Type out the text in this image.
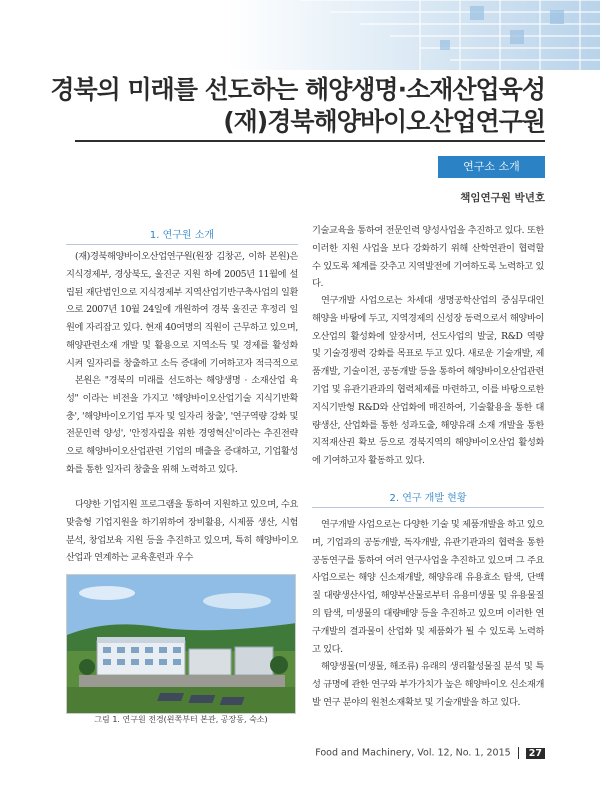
경북의 미래를 선도하는 해양생명·소재산업육성
(재)경북해양바이오산업연구원
연구소 소개
책임연구원 박년호
1. 연구원 소개

(재)경북해양바이오산업연구원(원장 김창곤, 이하 본원)은 지식경제부, 경상북도, 울진군 지원 하에 2005년 11월에 설립된 재단법인으로 지식경제부 지역산업기반구축사업의 일환으로 2007년 10월 24일에 개원하여 경북 울진군 후정리 일원에 자리잡고 있다. 현재 40여명의 직원이 근무하고 있으며, 해양관련소재 개발 및 활용으로 지역소득 및 경제를 활성화 시켜 일자리를 창출하고 소득 증대에 기여하고자 적극적으로

본원은 "경북의 미래를 선도하는 해양생명 · 소재산업 육성" 이라는 비전을 가지고 '해양바이오산업기술 지식기반확충', '해양바이오기업 투자 및 일자리 창출', '연구역량 강화 및 전문인력 양성', '안정자립을 위한 경영혁신'이라는 추진전략으로 해양바이오산업관련 기업의 매출을 증대하고, 기업활성화를 통한 일자리 창출을 위해 노력하고 있다.

다양한 기업지원 프로그램을 통하여 지원하고 있으며, 수요맞춤형 기업지원을 하기위하여 장비활용, 시제품 생산, 시험분석, 창업보육 지원 등을 추진하고 있으며, 특히 해양바이오산업과 연계하는 교육훈련과 우수

그림 1. 연구원 전경(왼쪽부터 본관, 공장동, 숙소)

기술교육을 통하여 전문인력 양성사업을 추진하고 있다. 또한 이러한 지원 사업을 보다 강화하기 위해 산학연관이 협력할 수 있도록 체계를 갖추고 지역발전에 기여하도록 노력하고 있다.

연구개발 사업으로는 차세대 생명공학산업의 중심무대인 해양을 바탕에 두고, 지역경제의 신성장 동력으로서 해양바이오산업의 활성화에 앞장서며, 선도사업의 발굴, R&D 역량 및 기술경쟁력 강화를 목표로 두고 있다. 새로운 기술개발, 제품개발, 기술이전, 공동개발 등을 통하여 해양바이오산업관련 기업 및 유관기관과의 협력체제를 마련하고, 이를 바탕으로한 지식기반형 R&D와 산업화에 매진하여, 기술활용을 통한 대량생산, 산업화를 통한 성과도출, 해양유래 소재 개발을 통한 지적재산권 확보 등으로 경북지역의 해양바이오산업 활성화에 기여하고자 활동하고 있다.

2. 연구 개발 현황

연구개발 사업으로는 다양한 기술 및 제품개발을 하고 있으며, 기업과의 공동개발, 독자개발, 유관기관과의 협력을 통한 공동연구를 통하여 여러 연구사업을 추진하고 있으며 그 주요사업으로는 해양 신소재개발, 해양유래 유용효소 탐색, 단백질 대량생산사업, 해양부산물로부터 유용미생물 및 유용물질의 탐색, 미생물의 대량배양 등을 추진하고 있으며 이러한 연구개발의 결과물이 산업화 및 제품화가 될 수 있도록 노력하고 있다.

해양생물(미생물, 해조류) 유래의 생리활성물질 분석 및 특성 규명에 관한 연구와 부가가치가 높은 해양바이오 신소재개발 연구 분야의 원천소재확보 및 기술개발을 하고 있다.

Food and Machinery, Vol. 12, No. 1, 2015 27
